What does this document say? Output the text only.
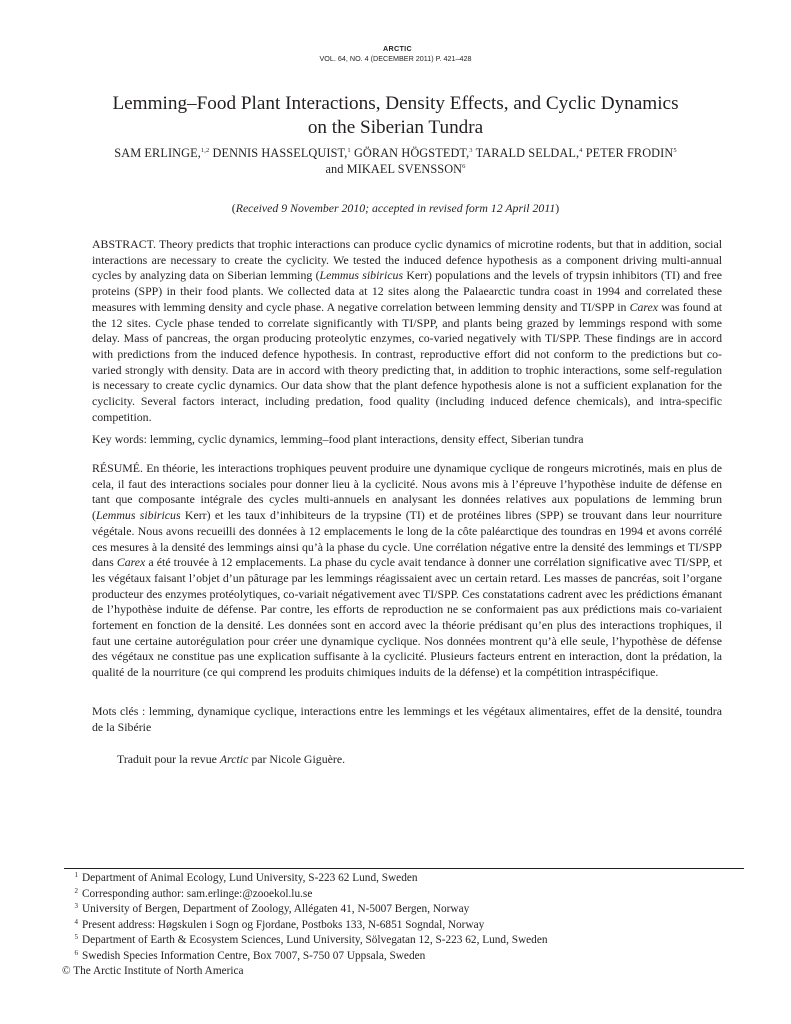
ARCTIC
VOL. 64, NO. 4 (DECEMBER 2011) P. 421–428
Lemming–Food Plant Interactions, Density Effects, and Cyclic Dynamics
on the Siberian Tundra
SAM ERLINGE,$^{1,2}$ DENNIS HASSELQUIST,$^1$ GÖRAN HÖGSTEDT,$^3$ TARALD SELDAL,$^4$ PETER FRODIN$^5$
and MIKAEL SVENSSON$^6$
(Received 9 November 2010; accepted in revised form 12 April 2011)

ABSTRACT. Theory predicts that trophic interactions can produce cyclic dynamics of microtine rodents, but that in addition, social interactions are necessary to create the cyclicity. We tested the induced defence hypothesis as a component driving multi-annual cycles by analyzing data on Siberian lemming (Lemmus sibiricus Kerr) populations and the levels of trypsin inhibitors (TI) and free proteins (SPP) in their food plants. We collected data at 12 sites along the Palaearctic tundra coast in 1994 and correlated these measures with lemming density and cycle phase. A negative correlation between lemming density and TI/SPP in Carex was found at the 12 sites. Cycle phase tended to correlate significantly with TI/SPP, and plants being grazed by lemmings respond with some delay. Mass of pancreas, the organ producing proteolytic enzymes, co-varied negatively with TI/SPP. These findings are in accord with predictions from the induced defence hypothesis. In contrast, reproductive effort did not conform to the predictions but co-varied strongly with density. Data are in accord with theory predicting that, in addition to trophic interactions, some self-regulation is necessary to create cyclic dynamics. Our data show that the plant defence hypothesis alone is not a sufficient explanation for the cyclicity. Several factors interact, including predation, food quality (including induced defence chemicals), and intra-specific competition.

Key words: lemming, cyclic dynamics, lemming–food plant interactions, density effect, Siberian tundra

RÉSUMÉ. En théorie, les interactions trophiques peuvent produire une dynamique cyclique de rongeurs microtinés, mais en plus de cela, il faut des interactions sociales pour donner lieu à la cyclicité. Nous avons mis à l’épreuve l’hypothèse induite de défense en tant que composante intégrale des cycles multi-annuels en analysant les données relatives aux populations de lemming brun (Lemmus sibiricus Kerr) et les taux d’inhibiteurs de la trypsine (TI) et de protéines libres (SPP) se trouvant dans leur nourriture végétale. Nous avons recueilli des données à 12 emplacements le long de la côte paléarctique des toundras en 1994 et avons corrélé ces mesures à la densité des lemmings ainsi qu’à la phase du cycle. Une corrélation négative entre la densité des lemmings et TI/SPP dans Carex a été trouvée à 12 emplacements. La phase du cycle avait tendance à donner une corrélation significative avec TI/SPP, et les végétaux faisant l’objet d’un pâturage par les lemmings réagissaient avec un certain retard. Les masses de pancréas, soit l’organe producteur des enzymes protéolytiques, co-variait négativement avec TI/SPP. Ces constatations cadrent avec les prédictions émanant de l’hypothèse induite de défense. Par contre, les efforts de reproduction ne se conformaient pas aux prédictions mais co-variaient fortement en fonction de la densité. Les données sont en accord avec la théorie prédisant qu’en plus des interactions trophiques, il faut une certaine autorégulation pour créer une dynamique cyclique. Nos données montrent qu’à elle seule, l’hypothèse de défense des végétaux ne constitue pas une explication suffisante à la cyclicité. Plusieurs facteurs entrent en interaction, dont la prédation, la qualité de la nourriture (ce qui comprend les produits chimiques induits de la défense) et la compétition intraspécifique.

Mots clés : lemming, dynamique cyclique, interactions entre les lemmings et les végétaux alimentaires, effet de la densité, toundra de la Sibérie

Traduit pour la revue Arctic par Nicole Giguère.
1 Department of Animal Ecology, Lund University, S-223 62 Lund, Sweden
2 Corresponding author: sam.erlinge:@zooekol.lu.se
3 University of Bergen, Department of Zoology, Allégaten 41, N-5007 Bergen, Norway
4 Present address: Høgskulen i Sogn og Fjordane, Postboks 133, N-6851 Sogndal, Norway
5 Department of Earth & Ecosystem Sciences, Lund University, Sölvegatan 12, S-223 62, Lund, Sweden
6 Swedish Species Information Centre, Box 7007, S-750 07 Uppsala, Sweden
© The Arctic Institute of North America
